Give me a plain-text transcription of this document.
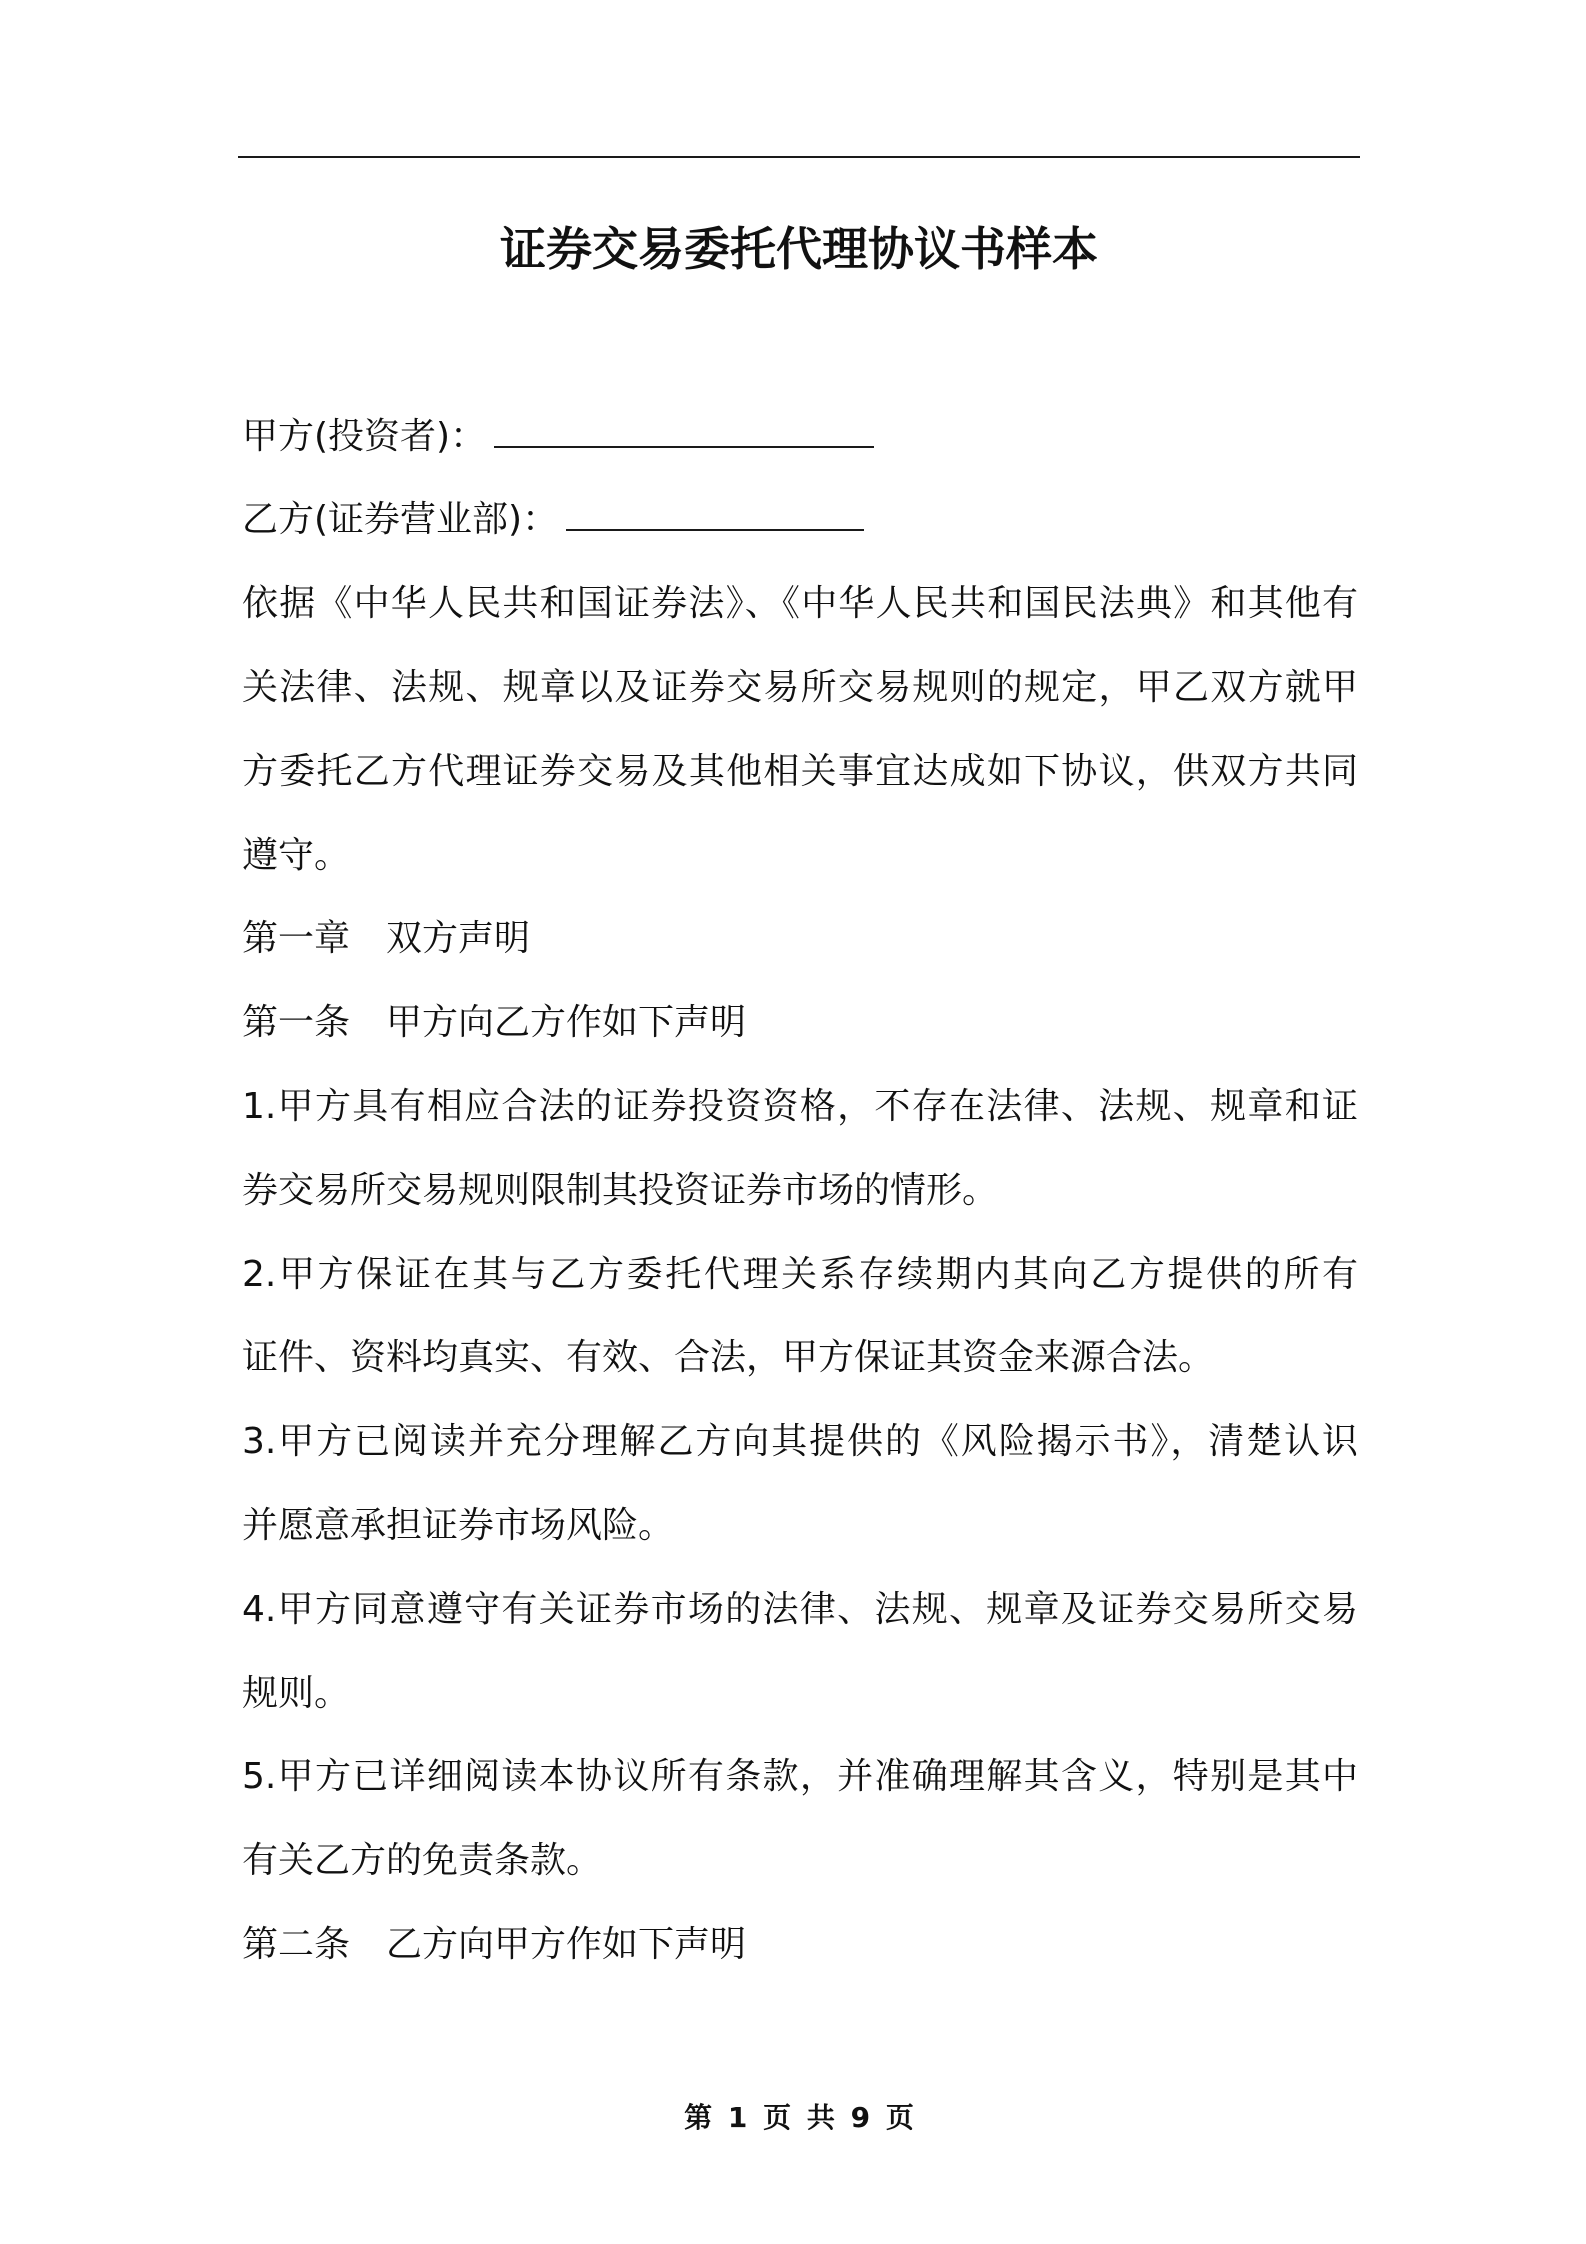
证券交易委托代理协议书样本
甲方(投资者)：
乙方(证券营业部)：
依据《中华人民共和国证券法》、《中华人民共和国民法典》和其他有
关法律、法规、规章以及证券交易所交易规则的规定，甲乙双方就甲
方委托乙方代理证券交易及其他相关事宜达成如下协议，供双方共同
遵守。
第一章　双方声明
第一条　甲方向乙方作如下声明
1.甲方具有相应合法的证券投资资格，不存在法律、法规、规章和证
券交易所交易规则限制其投资证券市场的情形。
2.甲方保证在其与乙方委托代理关系存续期内其向乙方提供的所有
证件、资料均真实、有效、合法，甲方保证其资金来源合法。
3.甲方已阅读并充分理解乙方向其提供的《风险揭示书》，清楚认识
并愿意承担证券市场风险。
4.甲方同意遵守有关证券市场的法律、法规、规章及证券交易所交易
规则。
5.甲方已详细阅读本协议所有条款，并准确理解其含义，特别是其中
有关乙方的免责条款。
第二条　乙方向甲方作如下声明
第 1 页 共 9 页
